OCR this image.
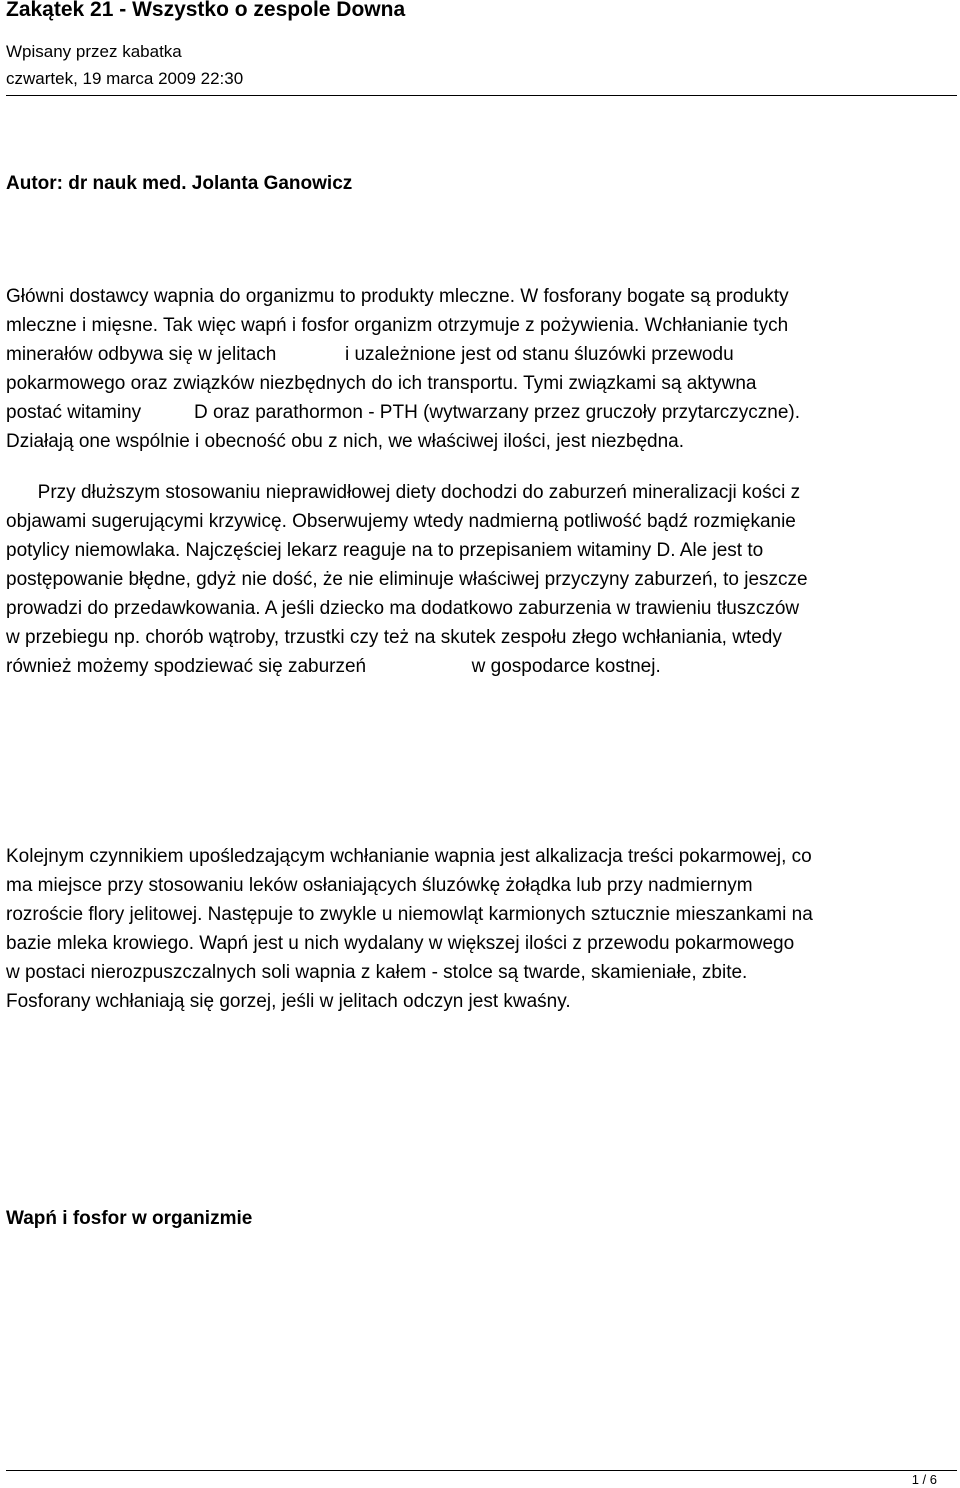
Zakątek 21 - Wszystko o zespole Downa
Wpisany przez kabatka
czwartek, 19 marca 2009 22:30
Autor: dr nauk med. Jolanta Ganowicz
Główni dostawcy wapnia do organizmu to produkty mleczne. W fosforany bogate są produkty
mleczne i mięsne. Tak więc wapń i fosfor organizm otrzymuje z pożywienia. Wchłanianie tych
minerałów odbywa się w jelitach             i uzależnione jest od stanu śluzówki przewodu
pokarmowego oraz związków niezbędnych do ich transportu. Tymi związkami są aktywna
postać witaminy          D oraz parathormon - PTH (wytwarzany przez gruczoły przytarczyczne).
Działają one wspólnie i obecność obu z nich, we właściwej ilości, jest niezbędna.
Przy dłuższym stosowaniu nieprawidłowej diety dochodzi do zaburzeń mineralizacji kości z
objawami sugerującymi krzywicę. Obserwujemy wtedy nadmierną potliwość bądź rozmiękanie
potylicy niemowlaka. Najczęściej lekarz reaguje na to przepisaniem witaminy D. Ale jest to
postępowanie błędne, gdyż nie dość, że nie eliminuje właściwej przyczyny zaburzeń, to jeszcze
prowadzi do przedawkowania. A jeśli dziecko ma dodatkowo zaburzenia w trawieniu tłuszczów
w przebiegu np. chorób wątroby, trzustki czy też na skutek zespołu złego wchłaniania, wtedy
również możemy spodziewać się zaburzeń                    w gospodarce kostnej.
Kolejnym czynnikiem upośledzającym wchłanianie wapnia jest alkalizacja treści pokarmowej, co
ma miejsce przy stosowaniu leków osłaniających śluzówkę żołądka lub przy nadmiernym
rozroście flory jelitowej. Następuje to zwykle u niemowląt karmionych sztucznie mieszankami na
bazie mleka krowiego. Wapń jest u nich wydalany w większej ilości z przewodu pokarmowego
w postaci nierozpuszczalnych soli wapnia z kałem - stolce są twarde, skamieniałe, zbite.
Fosforany wchłaniają się gorzej, jeśli w jelitach odczyn jest kwaśny.
Wapń i fosfor w organizmie
1 / 6
